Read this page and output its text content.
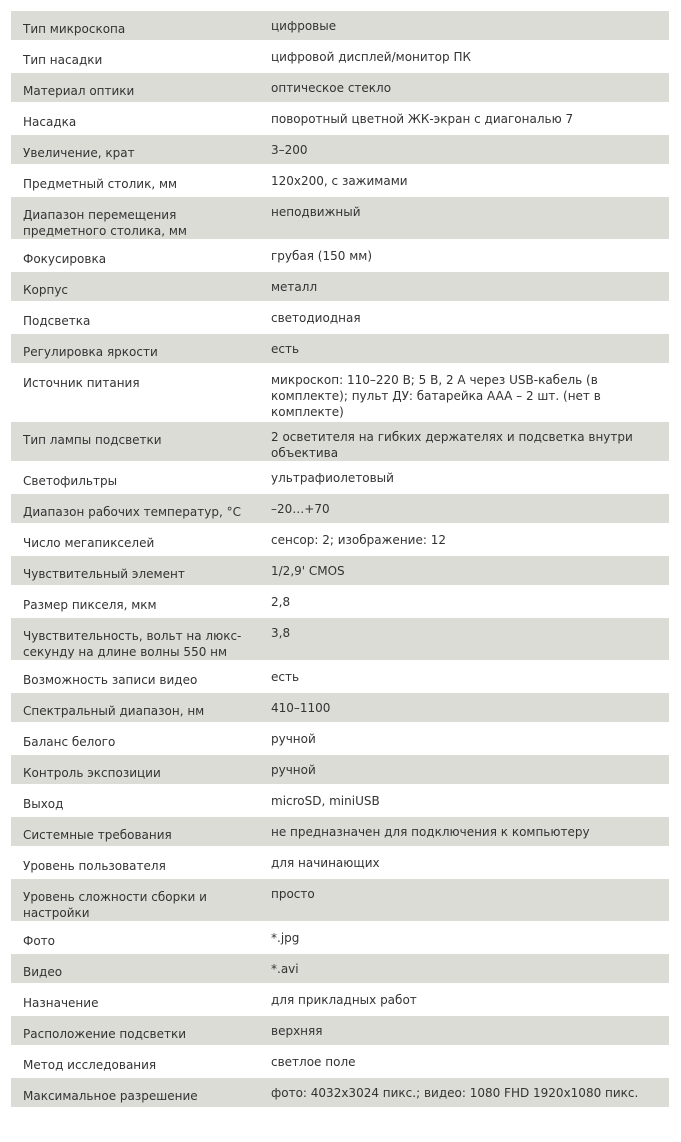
Тип микроскопа	цифровые
Тип насадки	цифровой дисплей/монитор ПК
Материал оптики	оптическое стекло
Насадка	поворотный цветной ЖК-экран с диагональю 7
Увеличение, крат	3–200
Предметный столик, мм	120x200, с зажимами
Диапазон перемещения предметного столика, мм	неподвижный
Фокусировка	грубая (150 мм)
Корпус	металл
Подсветка	светодиодная
Регулировка яркости	есть
Источник питания	микроскоп: 110–220 В; 5 В, 2 А через USB-кабель (в комплекте); пульт ДУ: батарейка AAA – 2 шт. (нет в комплекте)
Тип лампы подсветки	2 осветителя на гибких держателях и подсветка внутри объектива
Светофильтры	ультрафиолетовый
Диапазон рабочих температур, °С	–20…+70
Число мегапикселей	сенсор: 2; изображение: 12
Чувствительный элемент	1/2,9' CMOS
Размер пикселя, мкм	2,8
Чувствительность, вольт на люкс-секунду на длине волны 550 нм	3,8
Возможность записи видео	есть
Спектральный диапазон, нм	410–1100
Баланс белого	ручной
Контроль экспозиции	ручной
Выход	microSD, miniUSB
Системные требования	не предназначен для подключения к компьютеру
Уровень пользователя	для начинающих
Уровень сложности сборки и настройки	просто
Фото	*.jpg
Видео	*.avi
Назначение	для прикладных работ
Расположение подсветки	верхняя
Метод исследования	светлое поле
Максимальное разрешение	фото: 4032x3024 пикс.; видео: 1080 FHD 1920x1080 пикс.
